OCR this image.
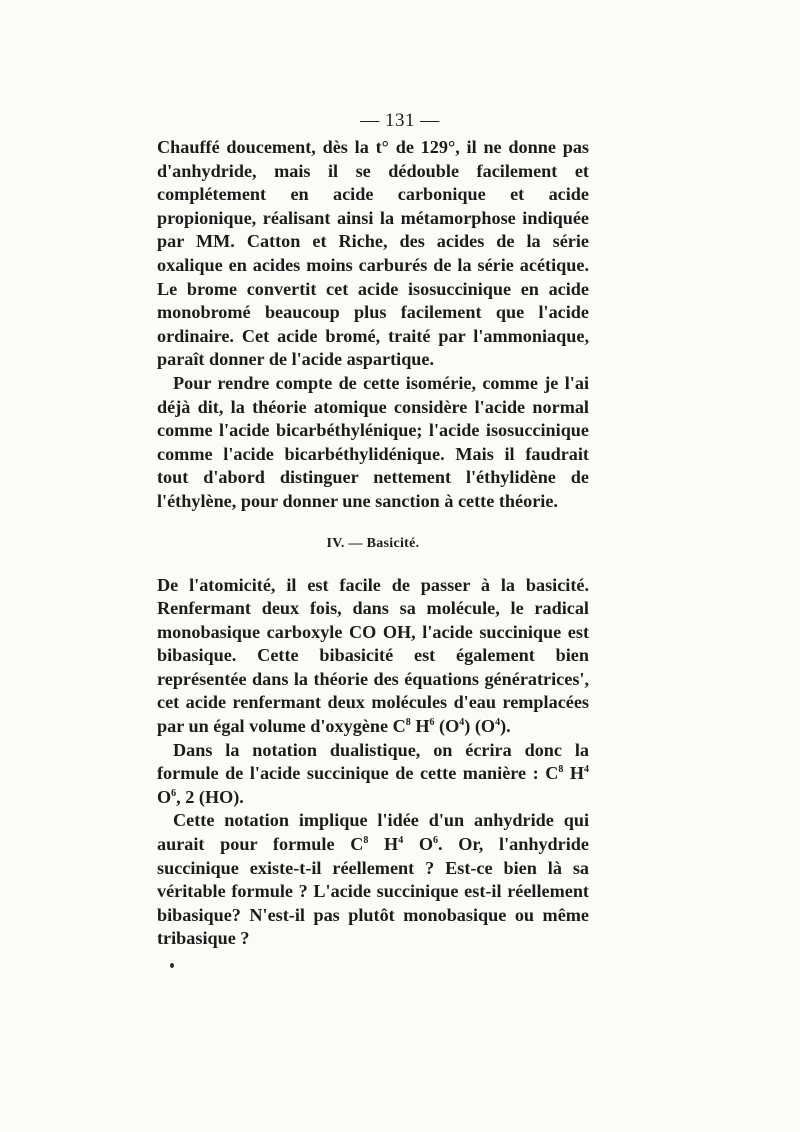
— 131 —

Chauffé doucement, dès la t° de 129°, il ne donne pas d'anhydride, mais il se dédouble facilement et complétement en acide carbonique et acide propionique, réalisant ainsi la métamorphose indiquée par MM. Catton et Riche, des acides de la série oxalique en acides moins carburés de la série acétique. Le brome convertit cet acide isosuccinique en acide monobromé beaucoup plus facilement que l'acide ordinaire. Cet acide bromé, traité par l'ammoniaque, paraît donner de l'acide aspartique.

Pour rendre compte de cette isomérie, comme je l'ai déjà dit, la théorie atomique considère l'acide normal comme l'acide bicarbéthylénique; l'acide isosuccinique comme l'acide bicarbéthylidénique. Mais il faudrait tout d'abord distinguer nettement l'éthylidène de l'éthylène, pour donner une sanction à cette théorie.

IV. — Basicité.

De l'atomicité, il est facile de passer à la basicité. Renfermant deux fois, dans sa molécule, le radical monobasique carboxyle CO OH, l'acide succinique est bibasique. Cette bibasicité est également bien représentée dans la théorie des équations génératrices', cet acide renfermant deux molécules d'eau remplacées par un égal volume d'oxygène $C^8$ $H^6$ $(O^4)$ $(O^4)$.

Dans la notation dualistique, on écrira donc la formule de l'acide succinique de cette manière : $C^8$ $H^4$ $O^6$, 2 (HO).

Cette notation implique l'idée d'un anhydride qui aurait pour formule $C^8$ $H^4$ $O^6$. Or, l'anhydride succinique existe-t-il réellement ? Est-ce bien là sa véritable formule ? L'acide succinique est-il réellement bibasique? N'est-il pas plutôt monobasique ou même tribasique ?
